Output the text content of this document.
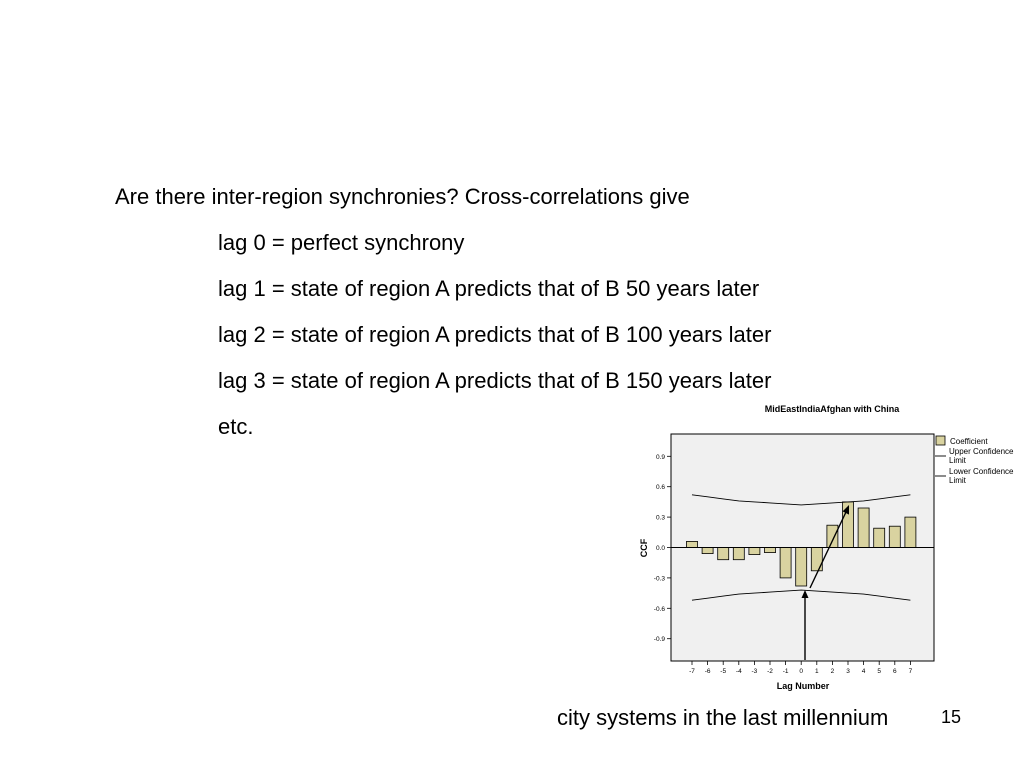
Are there inter-region synchronies? Cross-correlations give
lag 0 = perfect synchrony
lag 1 = state of region A predicts that of B 50 years later
lag 2 = state of region A predicts that of B 100 years later
lag 3 = state of region A predicts that of B 150 years later
etc.
MidEastIndiaAfghan with China
0.9
0.6
0.3
0.0
-0.3
-0.6
-0.9
-7 -6 -5 -4 -3 -2 -1 0 1 2 3 4 5 6 7
CCF
Lag Number
Coefficient
Upper Confidence Limit
Lower Confidence Limit
city systems in the last millennium	15
